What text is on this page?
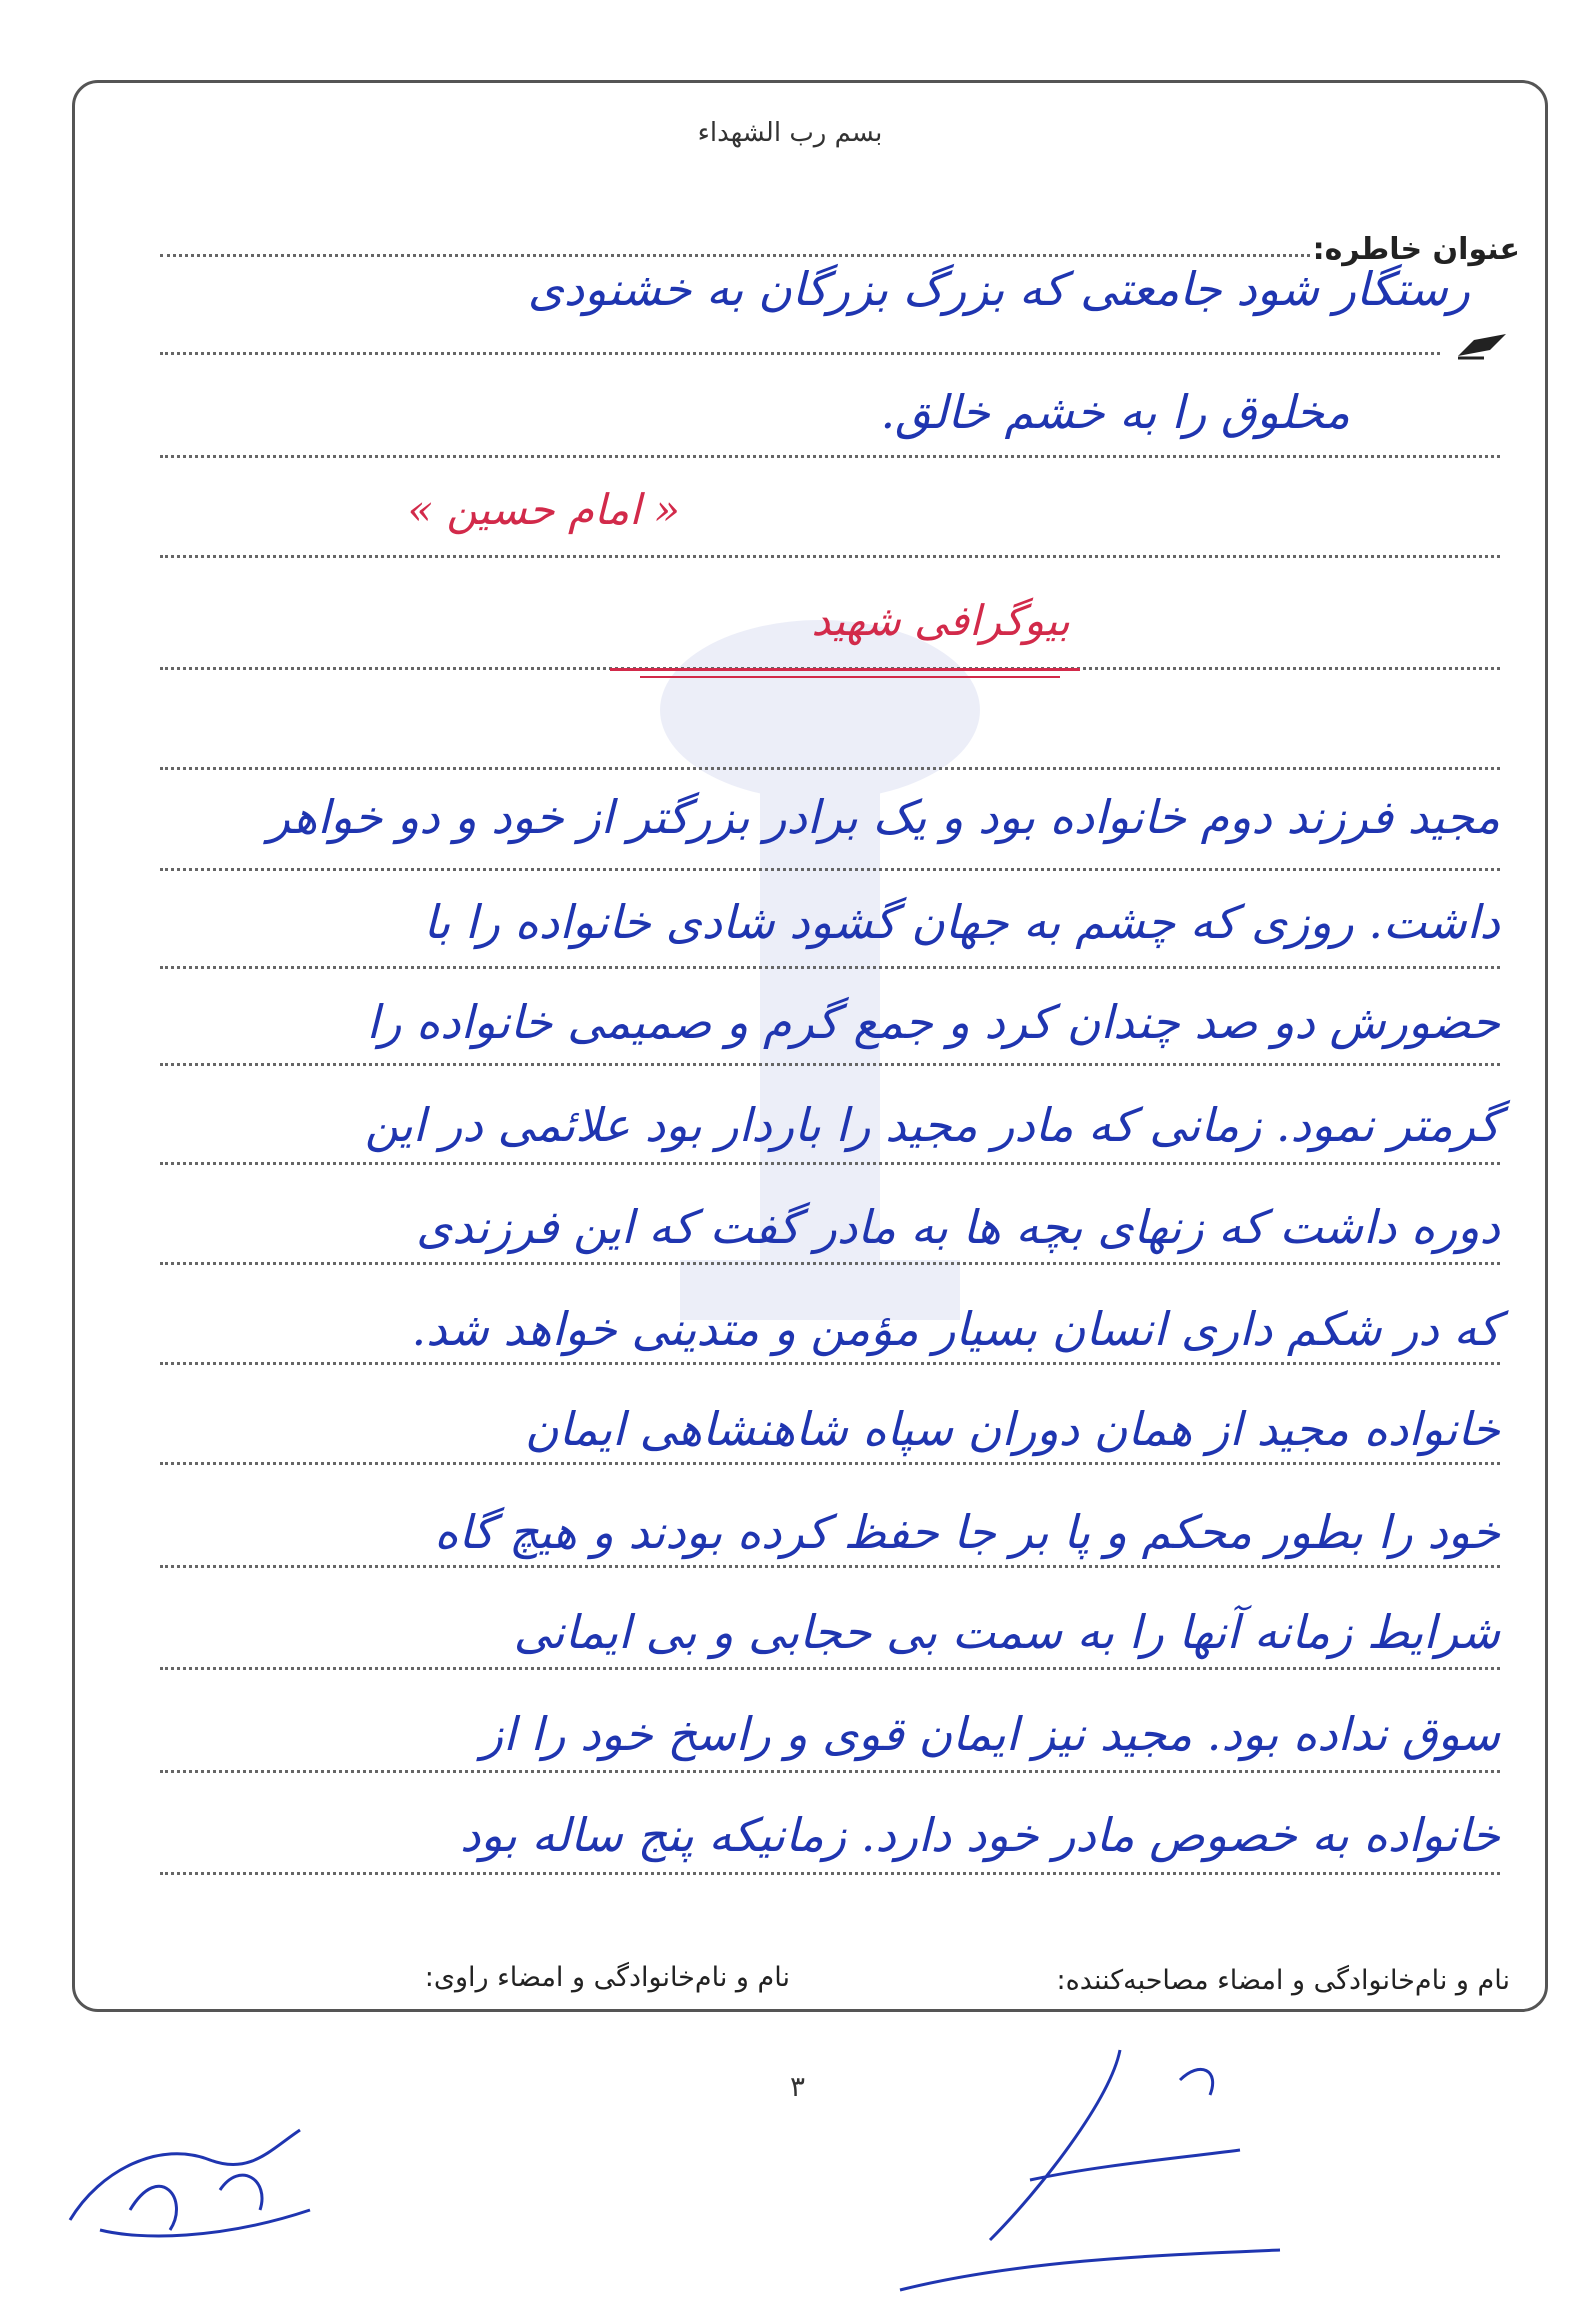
بسم رب الشهداء
عنوان خاطره:
رستگار شود جامعتی که بزرگ بزرگان به خشنودی
مخلوق را به خشم خالق.
« امام حسین »
بیوگرافی شهید
مجید فرزند دوم خانواده بود و یک برادر بزرگتر از خود و دو خواهر
داشت. روزی که چشم به جهان گشود شادی خانواده را با
حضورش دو صد چندان کرد و جمع گرم و صمیمی خانواده را
گرمتر نمود. زمانی که مادر مجید را باردار بود علائمی در این
دوره داشت که زنهای بچه ها به مادر گفت که این فرزندی
که در شکم داری انسان بسیار مؤمن و متدینی خواهد شد.
خانواده مجید از همان دوران سپاه شاهنشاهی ایمان
خود را بطور محکم و پا بر جا حفظ کرده بودند و هیچ گاه
شرایط زمانه آنها را به سمت بی حجابی و بی ایمانی
سوق نداده بود. مجید نیز ایمان قوی و راسخ خود را از
خانواده به خصوص مادر خود دارد. زمانیکه پنج ساله بود
نام و نام‌خانوادگی و امضاء مصاحبه‌کننده:
نام و نام‌خانوادگی و امضاء راوی:
۳
